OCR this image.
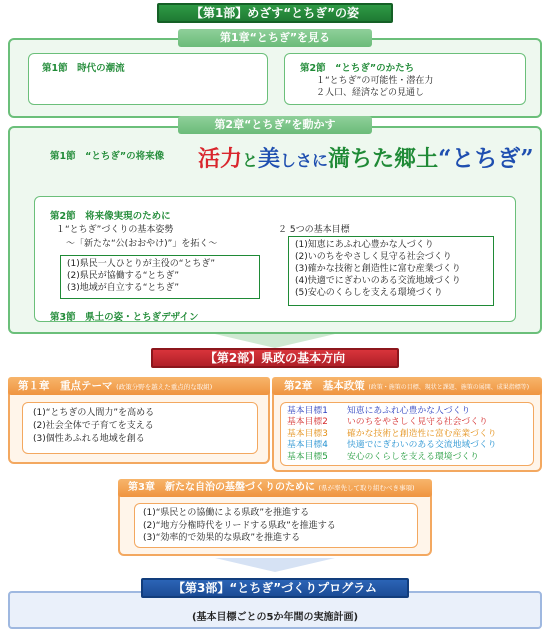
【第1部】めざす“とちぎ”の姿
第1章“とちぎ”を見る
第1節　時代の潮流	第2節　“とちぎ”のかたち
１“とちぎ”の可能性・潜在力
２人口、経済などの見通し
第2章“とちぎ”を動かす
第1節　“とちぎ”の将来像 活力と美しさに満ちた郷土“とちぎ”
第2節　将来像実現のために
１“とちぎ”づくりの基本姿勢
～「新たな“公(おおやけ)”」を拓く～
(1)県民一人ひとりが主役の“とちぎ”
(2)県民が協働する“とちぎ”
(3)地域が自立する“とちぎ”
２ 5つの基本目標
(1)知恵にあふれ心豊かな人づくり
(2)いのちをやさしく見守る社会づくり
(3)確かな技術と創造性に富む産業づくり
(4)快適でにぎわいのある交流地域づくり
(5)安心のくらしを支える環境づくり
第3節　県土の姿・とちぎデザイン
【第2部】県政の基本方向
第１章　重点テーマ (政策分野を越えた重点的な取組)
(1)“とちぎの人間力”を高める
(2)社会全体で子育てを支える
(3)個性あふれる地域を創る
第2章　基本政策 (政策・施策の目標、現状と課題、施策の展開、成果指標等)
基本目標1 知恵にあふれ心豊かな人づくり
基本目標2 いのちをやさしく見守る社会づくり
基本目標3 確かな技術と創造性に富む産業づくり
基本目標4 快適でにぎわいのある交流地域づくり
基本目標5 安心のくらしを支える環境づくり
第3章　新たな自治の基盤づくりのために (県が率先して取り組むべき事項)
(1)“県民との協働による県政”を推進する
(2)“地方分権時代をリードする県政”を推進する
(3)“効率的で効果的な県政”を推進する
【第3部】“とちぎ”づくりプログラム
(基本目標ごとの5か年間の実施計画)
